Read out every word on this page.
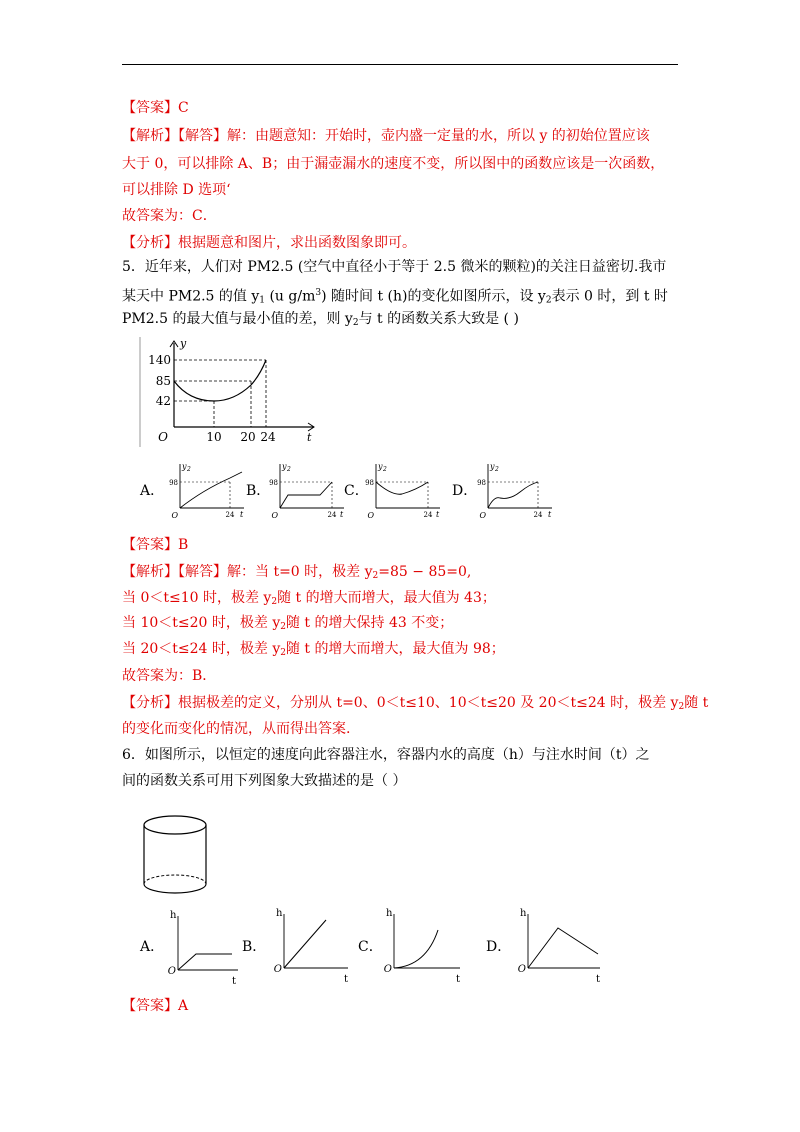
【答案】C
【解析】【解答】解：由题意知：开始时，壶内盛一定量的水，所以 y 的初始位置应该
大于 0，可以排除 A、B；由于漏壶漏水的速度不变，所以图中的函数应该是一次函数，
可以排除 D 选项‘
故答案为：C．
【分析】根据题意和图片，求出函数图象即可。
5．近年来，人们对 PM2.5 (空气中直径小于等于 2.5 微米的颗粒)的关注日益密切.我市
某天中 PM2.5 的值 $y_1$ (u $g/m^3$) 随时间 t (h)的变化如图所示，设 $y_2$表示 0 时，到 t 时
PM2.5 的最大值与最小值的差，则 $y_2$与 t 的函数关系大致是 ( )
y
t
O
140
85
42
10 20 24
A．
y 2
98
24 t
O
B．
y 2
98
24 t
O
C．
y 2
98
24 t
O
D．
y 2
98
24 t
O
【答案】B
【解析】【解答】解：当 t=0 时，极差 $y_2=85 - 85=0$,
当 0＜t≤10 时，极差 $y_2$随 t 的增大而增大，最大值为 43；
当 10＜t≤20 时，极差 $y_2$随 t 的增大保持 43 不变；
当 20＜t≤24 时，极差 $y_2$随 t 的增大而增大，最大值为 98；
故答案为：B．
【分析】根据极差的定义，分别从 t=0、0＜t≤10、10＜t≤20 及 20＜t≤24 时，极差 $y_2$随 t
的变化而变化的情况，从而得出答案.
6．如图所示，以恒定的速度向此容器注水，容器内水的高度（h）与注水时间（t）之
间的函数关系可用下列图象大致描述的是（ ）
A．
h
t
O
B．
h
t
O
C．
h
t
O
D．
h
t
O
【答案】A
